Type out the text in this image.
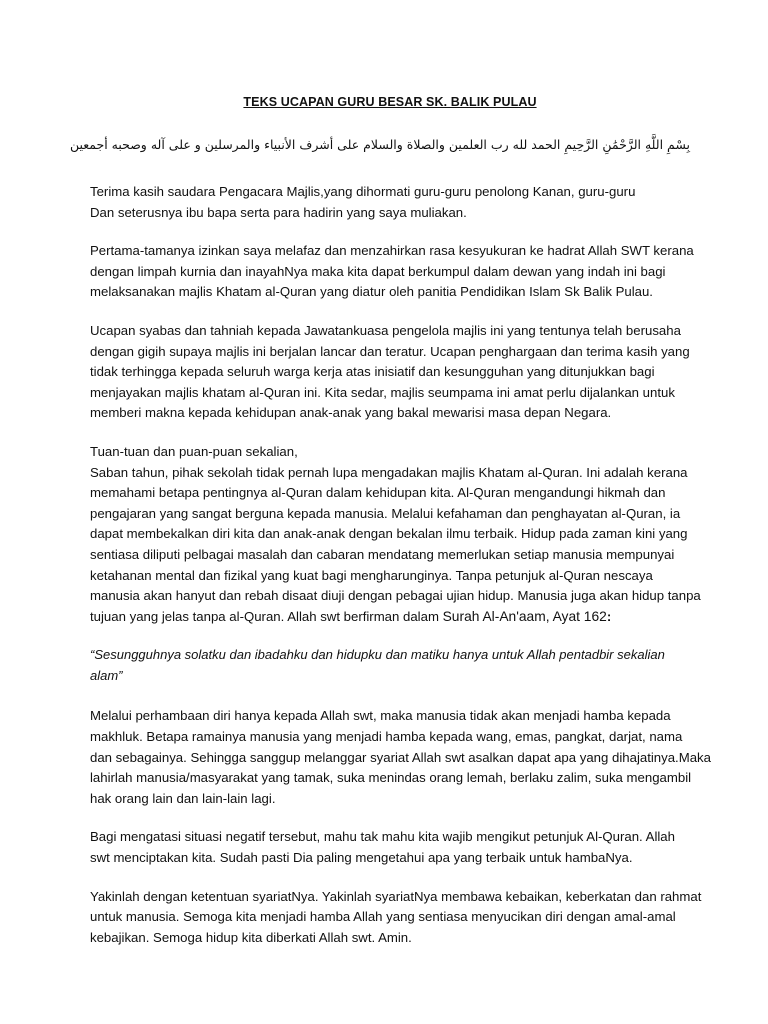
TEKS UCAPAN GURU BESAR SK. BALIK PULAU
بِسْمِ اللَّهِ الرَّحْمَٰنِ الرَّحِيمِ الحمد لله رب العلمين والصلاة والسلام على أشرف الأنبياء والمرسلين و على آله وصحبه أجمعين

Terima kasih saudara Pengacara Majlis,yang dihormati guru-guru penolong Kanan, guru-guru
Dan seterusnya ibu bapa serta para hadirin yang saya muliakan.

Pertama-tamanya izinkan saya melafaz dan menzahirkan rasa kesyukuran ke hadrat Allah SWT kerana
dengan limpah kurnia dan inayahNya maka kita dapat berkumpul dalam dewan yang indah ini bagi
melaksanakan majlis Khatam al-Quran yang diatur oleh panitia Pendidikan Islam Sk Balik Pulau.

Ucapan syabas dan tahniah kepada Jawatankuasa pengelola majlis ini yang tentunya telah berusaha
dengan gigih supaya majlis ini berjalan lancar dan teratur. Ucapan penghargaan dan terima kasih yang
tidak terhingga kepada seluruh warga kerja atas inisiatif dan kesungguhan yang ditunjukkan bagi
menjayakan majlis khatam al-Quran ini. Kita sedar, majlis seumpama ini amat perlu dijalankan untuk
memberi makna kepada kehidupan anak-anak yang bakal mewarisi masa depan Negara.

Tuan-tuan dan puan-puan sekalian,
Saban tahun, pihak sekolah tidak pernah lupa mengadakan majlis Khatam al-Quran. Ini adalah kerana
memahami betapa pentingnya al-Quran dalam kehidupan kita. Al-Quran mengandungi hikmah dan
pengajaran yang sangat berguna kepada manusia. Melalui kefahaman dan penghayatan al-Quran, ia
dapat membekalkan diri kita dan anak-anak dengan bekalan ilmu terbaik. Hidup pada zaman kini yang
sentiasa diliputi pelbagai masalah dan cabaran mendatang memerlukan setiap manusia mempunyai
ketahanan mental dan fizikal yang kuat bagi mengharunginya. Tanpa petunjuk al-Quran nescaya
manusia akan hanyut dan rebah disaat diuji dengan pebagai ujian hidup. Manusia juga akan hidup tanpa
tujuan yang jelas tanpa al-Quran. Allah swt berfirman dalam Surah Al-An'aam, Ayat 162:

“Sesungguhnya solatku dan ibadahku dan hidupku dan matiku hanya untuk Allah pentadbir sekalian
alam”

Melalui perhambaan diri hanya kepada Allah swt, maka manusia tidak akan menjadi hamba kepada
makhluk. Betapa ramainya manusia yang menjadi hamba kepada wang, emas, pangkat, darjat, nama
dan sebagainya. Sehingga sanggup melanggar syariat Allah swt asalkan dapat apa yang dihajatinya.Maka
lahirlah manusia/masyarakat yang tamak, suka menindas orang lemah, berlaku zalim, suka mengambil
hak orang lain dan lain-lain lagi.

Bagi mengatasi situasi negatif tersebut, mahu tak mahu kita wajib mengikut petunjuk Al-Quran. Allah
swt menciptakan kita. Sudah pasti Dia paling mengetahui apa yang terbaik untuk hambaNya.

Yakinlah dengan ketentuan syariatNya. Yakinlah syariatNya membawa kebaikan, keberkatan dan rahmat
untuk manusia. Semoga kita menjadi hamba Allah yang sentiasa menyucikan diri dengan amal-amal
kebajikan. Semoga hidup kita diberkati Allah swt. Amin.
